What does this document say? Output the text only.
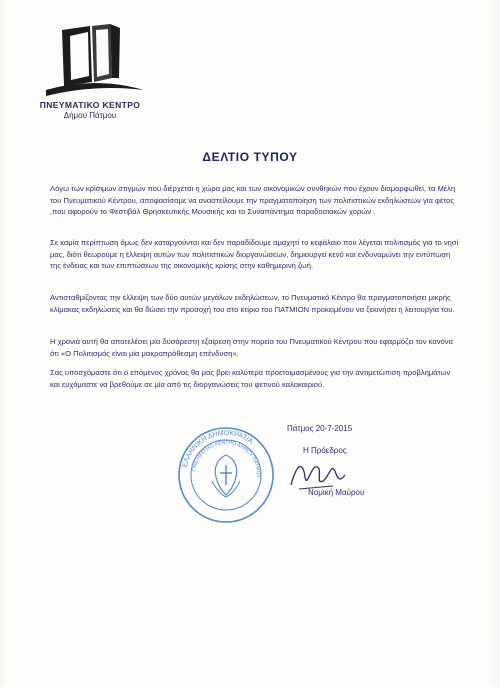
ΠΝΕΥΜΑΤΙΚΟ ΚΕΝΤΡΟ
Δήμου Πάτμου
ΔΕΛΤΙΟ ΤΥΠΟΥ
Λόγω των κρίσιμων στιγμών που διέρχεται η χώρα μας και των οικονομικών συνθηκών που έχουν διαμορφωθεί, τα Μέλη του Πνευματικού Κέντρου, αποφασίσαμε να αναστείλουμε την πραγματοποίηση των πολιτιστικών εκδηλώσεων για φέτος ,που αφορούν το Φεστιβάλ Θρησκευτικής Μουσικής και το Συναπάντημα παραδοσιακών χορών .
Σε καμία περίπτωση όμως δεν καταργούνται και δεν παραδίδουμε αμαχητί το κεφάλαιο που λέγεται πολιτισμός για το νησί μας, διότι θεωρούμε η έλλειψη αυτών των πολιτιστικών διοργανώσεων, δημιουργεί κενό και ενδυναμώνει την εντύπωση της ένδειας και των επιπτώσεων της οικονομικής κρίσης στην καθημερινή ζωή.
Αντισταθμίζοντας την έλλειψη των δύο αυτών μεγάλων εκδηλώσεων, το Πνευματικό Κέντρο θα πραγματοποιήσει μικρής κλίμακας εκδηλώσεις και θα δώσει την προσοχή του στο κτίριο του ΠΑΤΜΙΟΝ προκειμένου να ξεκινήσει η λειτουργία του.
Η χρονιά αυτή θα αποτελέσει μία δυσάρεστη εξαίρεση στην πορεία του Πνευματικού Κέντρου που εφαρμόζει τον κανόνα ότι «Ο Πολιτισμός είναι μία μακροπρόθεσμη επένδυση».
Σας υποσχόμαστε ότι ο επόμενος χρόνος θα μας βρει καλύτερα προετοιμασμένους για την αντιμετώπιση προβλημάτων και ευχόμαστε να βρεθούμε σε μία από τις διοργανώσεις του φετινού καλοκαιριού.
ΕΛΛΗΝΙΚΗ ΔΗΜΟΚΡΑΤΙΑ
ΠΝΕΥΜΑΤΙΚΟ ΚΕΝΤΡΟ ΔΗΜΟΥ ΠΑΤΜΟΥ
Πάτμος 20-7-2015
Η Πρόεδρος
Νομική Μαύρου
